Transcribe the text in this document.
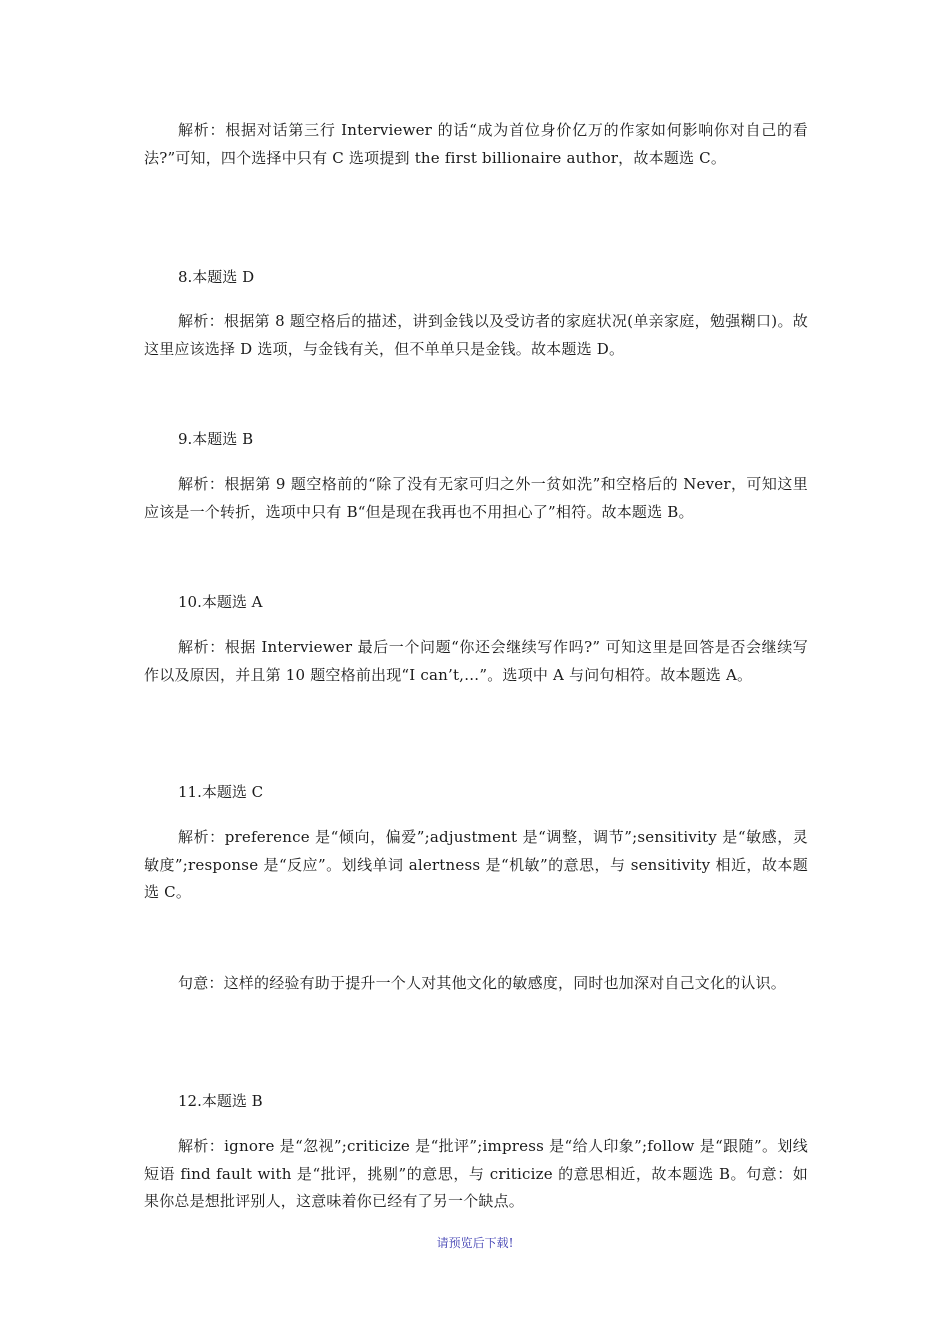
解析：根据对话第三行 Interviewer 的话“成为首位身价亿万的作家如何影响你对自己的看法?”可知，四个选择中只有 C 选项提到 the first billionaire author，故本题选 C。

8.本题选 D

解析：根据第 8 题空格后的描述，讲到金钱以及受访者的家庭状况(单亲家庭，勉强糊口)。故这里应该选择 D 选项，与金钱有关，但不单单只是金钱。故本题选 D。

9.本题选 B

解析：根据第 9 题空格前的“除了没有无家可归之外一贫如洗”和空格后的 Never，可知这里应该是一个转折，选项中只有 B“但是现在我再也不用担心了”相符。故本题选 B。

10.本题选 A

解析：根据 Interviewer 最后一个问题“你还会继续写作吗?” 可知这里是回答是否会继续写作以及原因，并且第 10 题空格前出现“I can’t,…”。选项中 A 与问句相符。故本题选 A。

11.本题选 C

解析：preference 是“倾向，偏爱”;adjustment 是“调整，调节”;sensitivity 是“敏感，灵敏度”;response 是“反应”。划线单词 alertness 是“机敏”的意思，与 sensitivity 相近，故本题选 C。

句意：这样的经验有助于提升一个人对其他文化的敏感度，同时也加深对自己文化的认识。

12.本题选 B

解析：ignore 是“忽视”;criticize 是“批评”;impress 是“给人印象”;follow 是“跟随”。划线短语 find fault with 是“批评，挑剔”的意思，与 criticize 的意思相近，故本题选 B。句意：如果你总是想批评别人，这意味着你已经有了另一个缺点。

请预览后下载!
